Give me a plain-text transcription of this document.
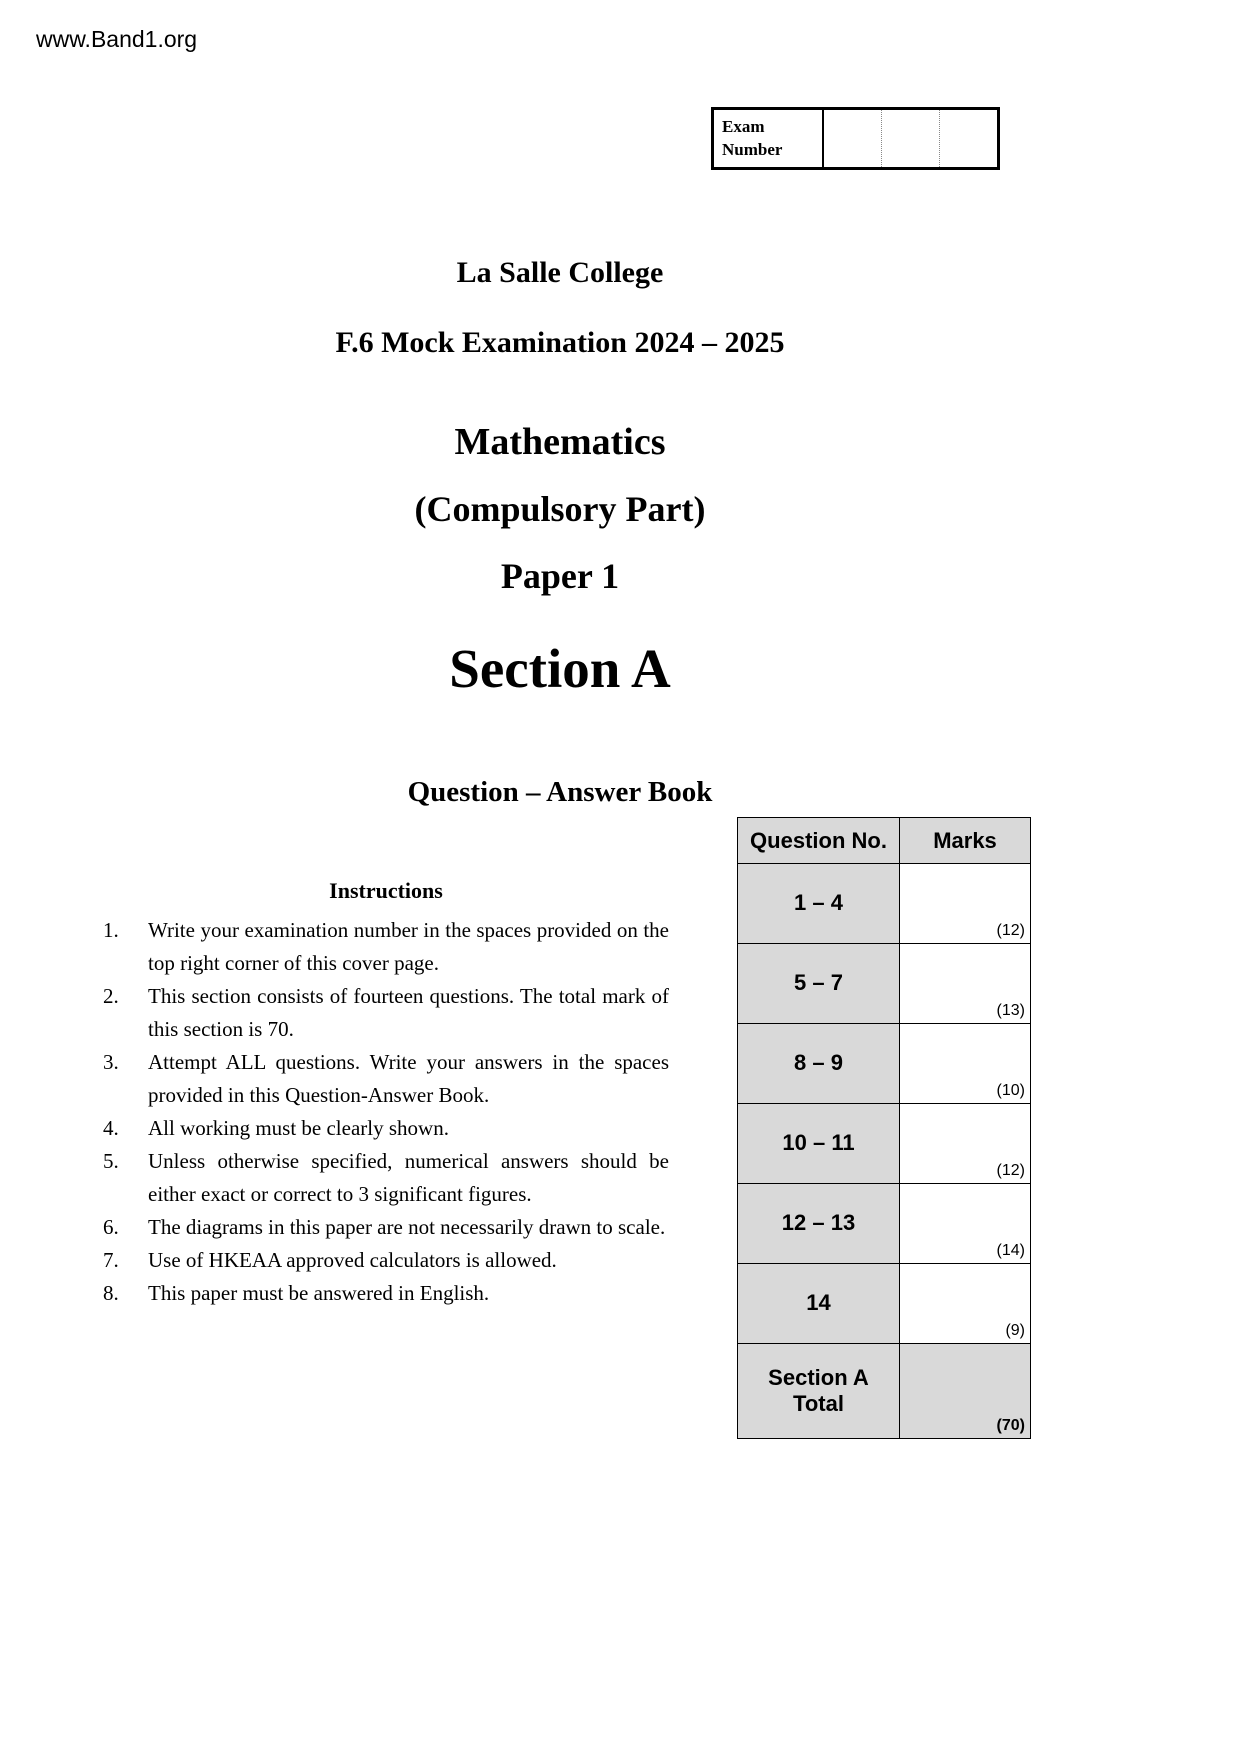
www.Band1.org
Exam Number
La Salle College
F.6 Mock Examination 2024 – 2025
Mathematics
(Compulsory Part)
Paper 1
Section A
Question – Answer Book
Instructions
1.	Write your examination number in the spaces provided on the top right corner of this cover page.
2.	This section consists of fourteen questions. The total mark of this section is 70.
3.	Attempt ALL questions. Write your answers in the spaces provided in this Question-Answer Book.
4.	All working must be clearly shown.
5.	Unless otherwise specified, numerical answers should be either exact or correct to 3 significant figures.
6.	The diagrams in this paper are not necessarily drawn to scale.
7.	Use of HKEAA approved calculators is allowed.
8.	This paper must be answered in English.
Question No.	Marks
1 – 4	(12)

5 – 7	(13)

8 – 9	(10)

10 – 11	(12)

12 – 13	(14)

14	(9)

Section A Total	(70)
